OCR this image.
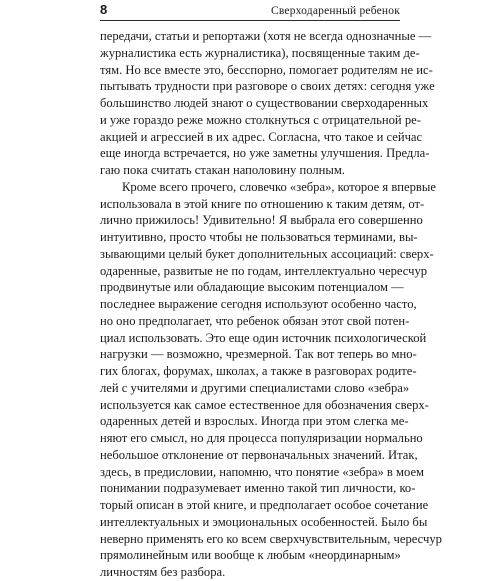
8	Сверходаренный ребенок
передачи, статьи и репортажи (хотя не всегда однозначные —
журналистика есть журналистика), посвященные таким де-
тям. Но все вместе это, бесспорно, помогает родителям не ис-
пытывать трудности при разговоре о своих детях: сегодня уже
большинство людей знают о существовании сверходаренных
и уже гораздо реже можно столкнуться с отрицательной ре-
акцией и агрессией в их адрес. Согласна, что такое и сейчас
еще иногда встречается, но уже заметны улучшения. Предла-
гаю пока считать стакан наполовину полным.
Кроме всего прочего, словечко «зебра», которое я впервые
использовала в этой книге по отношению к таким детям, от-
лично прижилось! Удивительно! Я выбрала его совершенно
интуитивно, просто чтобы не пользоваться терминами, вы-
зывающими целый букет дополнительных ассоциаций: сверх-
одаренные, развитые не по годам, интеллектуально чересчур
продвинутые или обладающие высоким потенциалом —
последнее выражение сегодня используют особенно часто,
но оно предполагает, что ребенок обязан этот свой потен-
циал использовать. Это еще один источник психологической
нагрузки — возможно, чрезмерной. Так вот теперь во мно-
гих блогах, форумах, школах, а также в разговорах родите-
лей с учителями и другими специалистами слово «зебра»
используется как самое естественное для обозначения сверх-
одаренных детей и взрослых. Иногда при этом слегка ме-
няют его смысл, но для процесса популяризации нормально
небольшое отклонение от первоначальных значений. Итак,
здесь, в предисловии, напомню, что понятие «зебра» в моем
понимании подразумевает именно такой тип личности, ко-
торый описан в этой книге, и предполагает особое сочетание
интеллектуальных и эмоциональных особенностей. Было бы
неверно применять его ко всем сверхчувствительным, чересчур
прямолинейным или вообще к любым «неординарным»
личностям без разбора.
